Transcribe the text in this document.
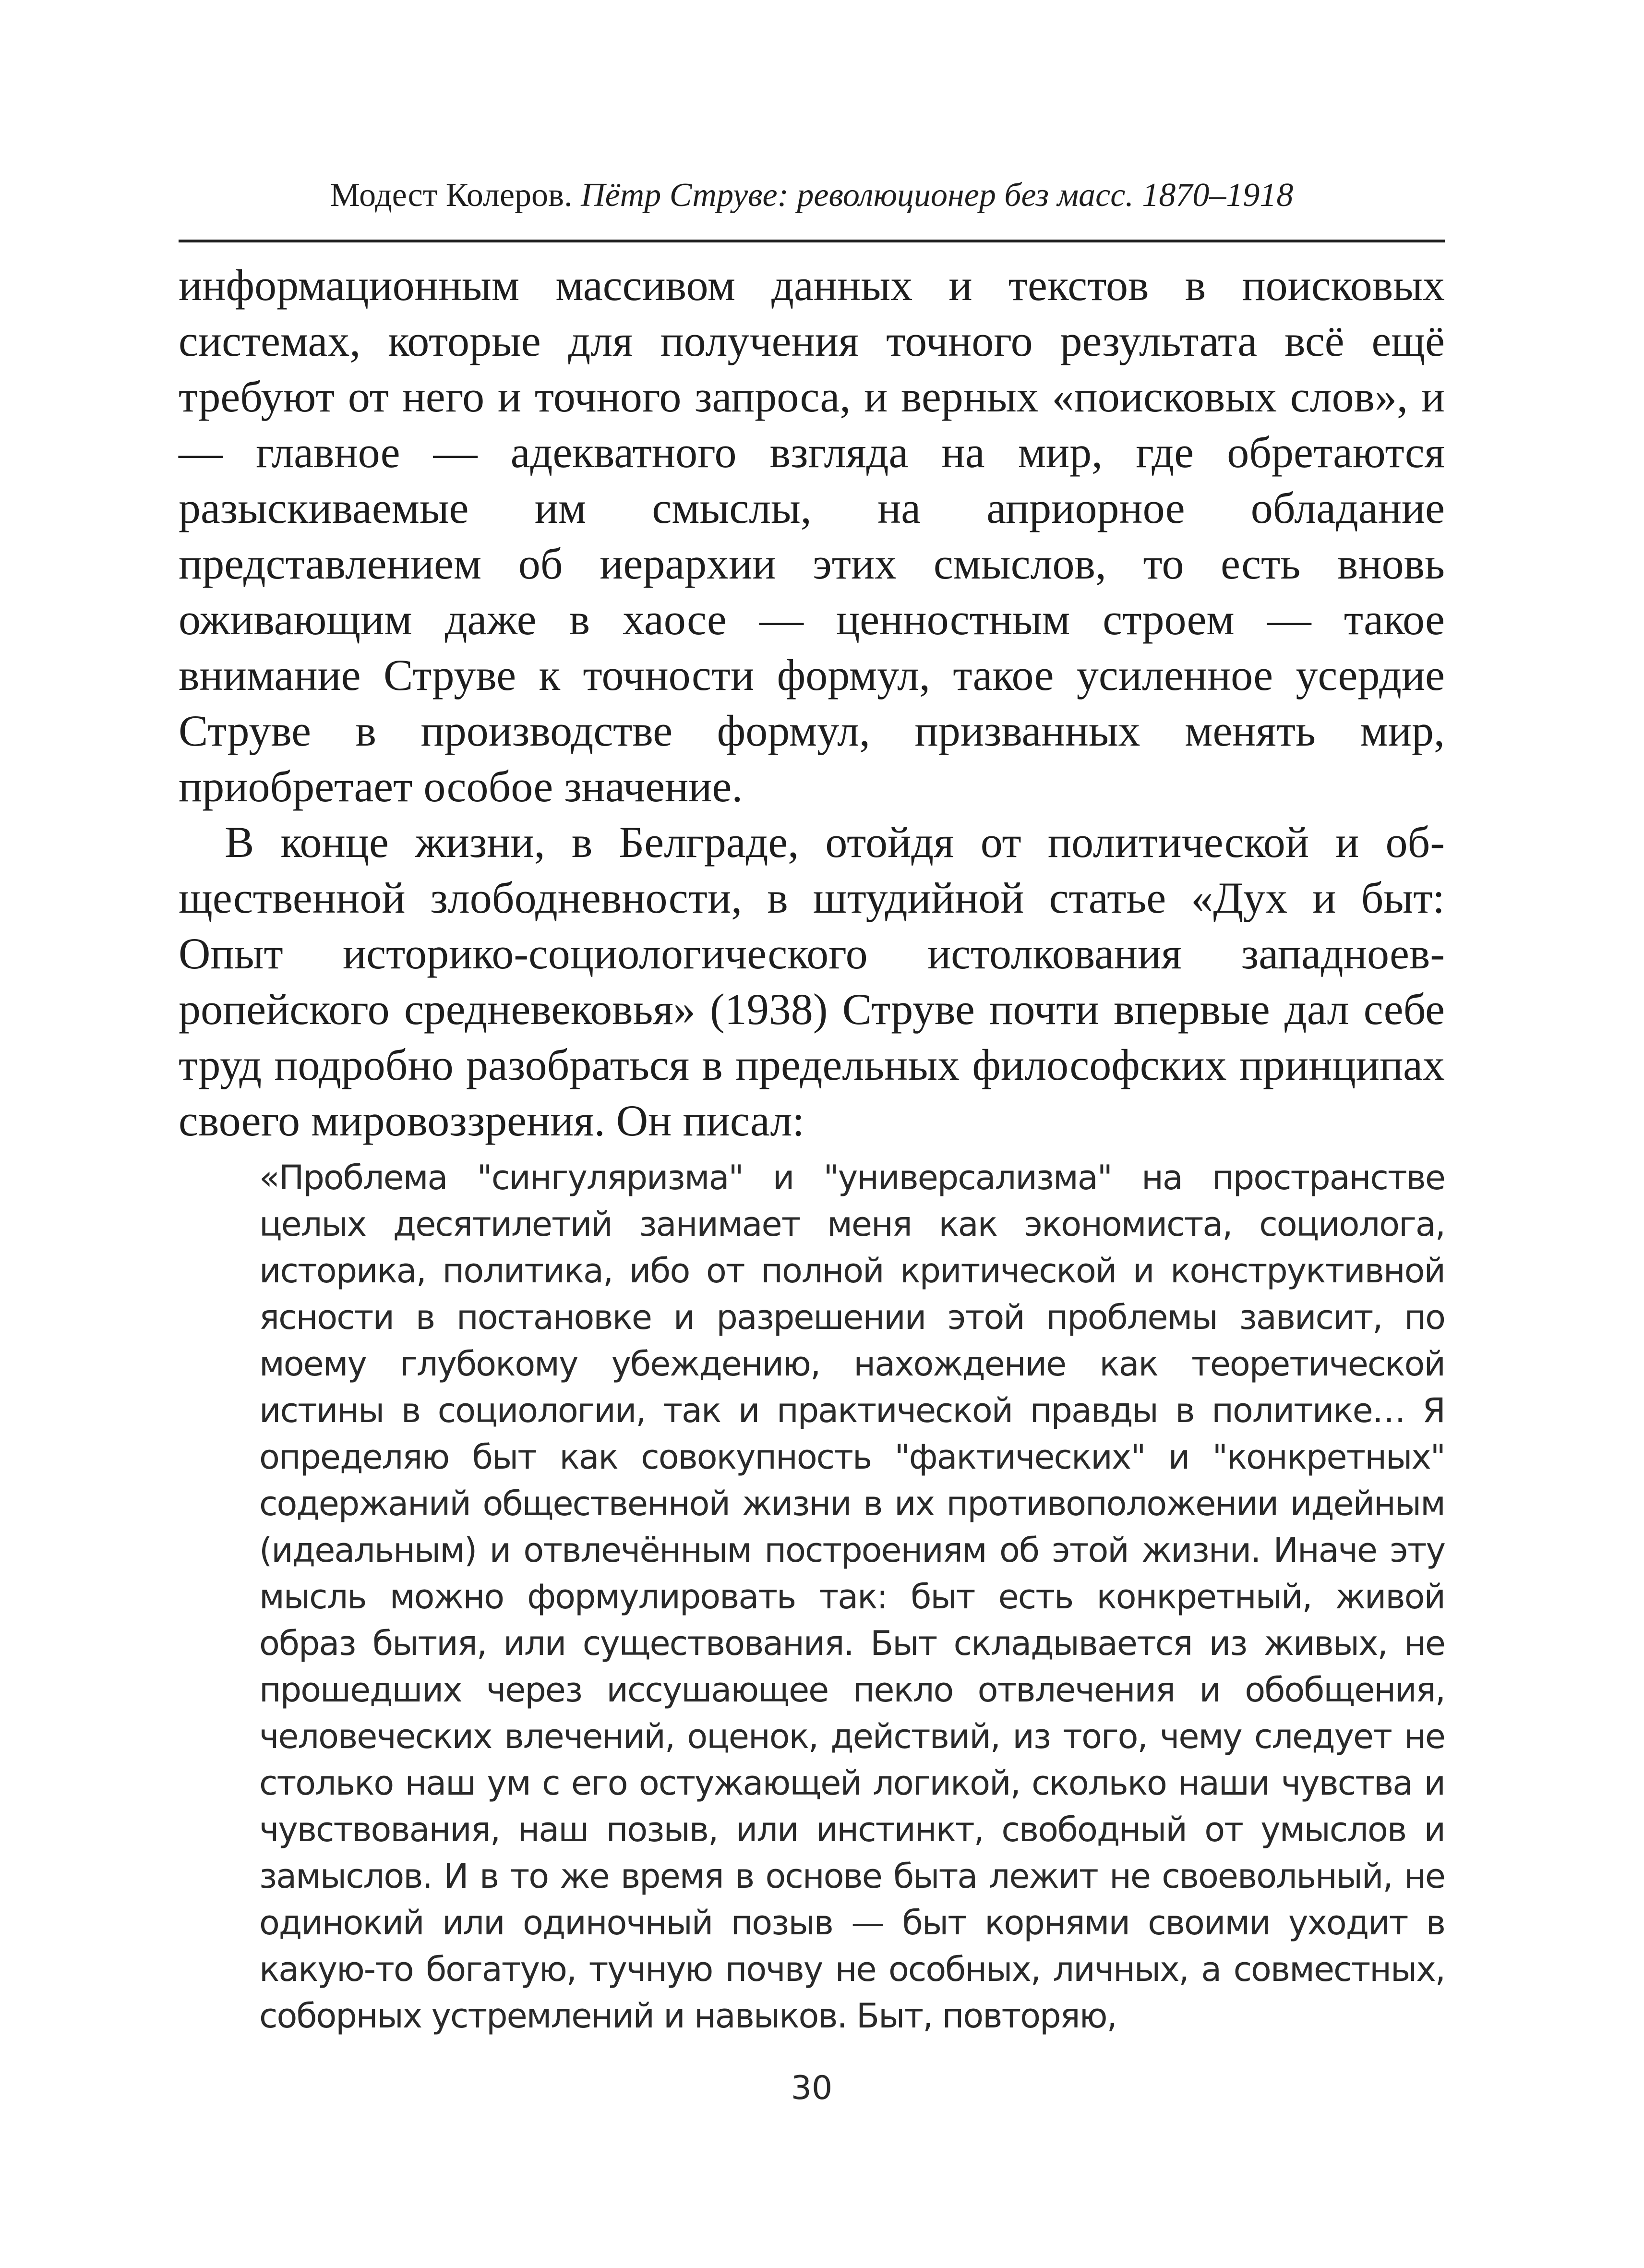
Модест Колеров. Пётр Струве: революционер без масс. 1870–1918

информационным массивом данных и текстов в поисковых системах, которые для получения точного результата всё ещё требуют от него и точного запроса, и верных «поисковых слов», и — главное — адекватного взгляда на мир, где обретаются разыскиваемые им смыслы, на априорное обладание представлением об иерархии этих смыслов, то есть вновь оживающим даже в хаосе — ценностным строем — такое внимание Струве к точности формул, такое усиленное усердие Струве в производстве формул, призванных менять мир, приобретает особое значение.

В конце жизни, в Белграде, отойдя от политической и общественной злободневности, в штудийной статье «Дух и быт: Опыт историко-социологического истолкования западноевропейского средневековья» (1938) Струве почти впервые дал себе труд подробно разобраться в предельных философских принципах своего мировоззрения. Он писал:

«Проблема "сингуляризма" и "универсализма" на пространстве целых десятилетий занимает меня как экономиста, социолога, историка, политика, ибо от полной критической и конструктивной ясности в постановке и разрешении этой проблемы зависит, по моему глубокому убеждению, нахождение как теоретической истины в социологии, так и практической правды в политике… Я определяю быт как совокупность "фактических" и "конкретных" содержаний общественной жизни в их противоположении идейным (идеальным) и отвлечённым построениям об этой жизни. Иначе эту мысль можно формулировать так: быт есть конкретный, живой образ бытия, или существования. Быт складывается из живых, не прошедших через иссушающее пекло отвлечения и обобщения, человеческих влечений, оценок, действий, из того, чему следует не столько наш ум с его остужающей логикой, сколько наши чувства и чувствования, наш позыв, или инстинкт, свободный от умыслов и замыслов. И в то же время в основе быта лежит не своевольный, не одинокий или одиночный позыв — быт корнями своими уходит в какую-то богатую, тучную почву не особных, личных, а совместных, соборных устремлений и навыков. Быт, повторяю,

30
